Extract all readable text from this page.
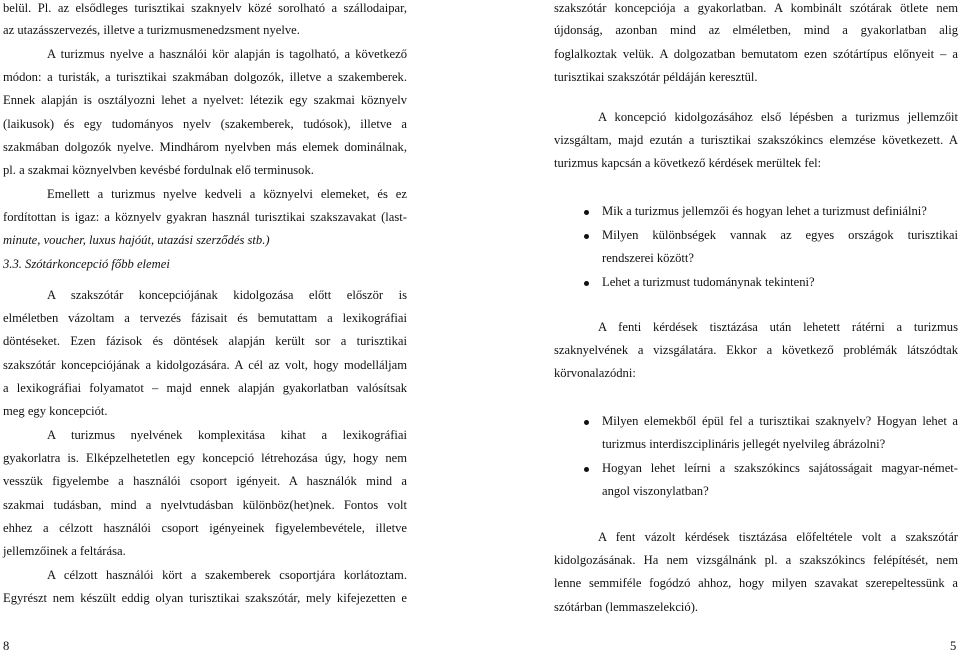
belül. Pl. az elsődleges turisztikai szaknyelv közé sorolható a szállodaipar,
az utazásszervezés, illetve a turizmusmenedzsment nyelve.
A turizmus nyelve a használói kör alapján is tagolható, a következő
módon: a turisták, a turisztikai szakmában dolgozók, illetve a szakemberek.
Ennek alapján is osztályozni lehet a nyelvet: létezik egy szakmai köznyelv
(laikusok) és egy tudományos nyelv (szakemberek, tudósok), illetve a
szakmában dolgozók nyelve. Mindhárom nyelvben más elemek dominálnak,
pl. a szakmai köznyelvben kevésbé fordulnak elő terminusok.
Emellett a turizmus nyelve kedveli a köznyelvi elemeket, és ez
fordítottan is igaz: a köznyelv gyakran használ turisztikai szakszavakat (last-
minute, voucher, luxus hajóút, utazási szerződés stb.)
3.3. Szótárkoncepció főbb elemei
A szakszótár koncepciójának kidolgozása előtt először is
elméletben vázoltam a tervezés fázisait és bemutattam a lexikográfiai
döntéseket. Ezen fázisok és döntések alapján került sor a turisztikai
szakszótár koncepciójának a kidolgozására. A cél az volt, hogy modelláljam
a lexikográfiai folyamatot – majd ennek alapján gyakorlatban valósítsak
meg egy koncepciót.
A turizmus nyelvének komplexitása kihat a lexikográfiai
gyakorlatra is. Elképzelhetetlen egy koncepció létrehozása úgy, hogy nem
vesszük figyelembe a használói csoport igényeit. A használók mind a
szakmai tudásban, mind a nyelvtudásban különböz(het)nek. Fontos volt
ehhez a célzott használói csoport igényeinek figyelembevétele, illetve
jellemzőinek a feltárása.
A célzott használói kört a szakemberek csoportjára korlátoztam.
Egyrészt nem készült eddig olyan turisztikai szakszótár, mely kifejezetten e
8
szakszótár koncepciója a gyakorlatban. A kombinált szótárak ötlete nem
újdonság, azonban mind az elméletben, mind a gyakorlatban alig
foglalkoztak velük. A dolgozatban bemutatom ezen szótártípus előnyeit – a
turisztikai szakszótár példáján keresztül.
A koncepció kidolgozásához első lépésben a turizmus jellemzőit
vizsgáltam, majd ezután a turisztikai szakszókincs elemzése következett. A
turizmus kapcsán a következő kérdések merültek fel:
Mik a turizmus jellemzői és hogyan lehet a turizmust definiálni?
Milyen különbségek vannak az egyes országok turisztikai
rendszerei között?
Lehet a turizmust tudománynak tekinteni?
A fenti kérdések tisztázása után lehetett rátérni a turizmus
szaknyelvének a vizsgálatára. Ekkor a következő problémák látszódtak
körvonalazódni:
Milyen elemekből épül fel a turisztikai szaknyelv? Hogyan lehet a
turizmus interdiszciplináris jellegét nyelvileg ábrázolni?
Hogyan lehet leírni a szakszókincs sajátosságait magyar-német-
angol viszonylatban?
A fent vázolt kérdések tisztázása előfeltétele volt a szakszótár
kidolgozásának. Ha nem vizsgálnánk pl. a szakszókincs felépítését, nem
lenne semmiféle fogódzó ahhoz, hogy milyen szavakat szerepeltessünk a
szótárban (lemmaszelekció).
5
